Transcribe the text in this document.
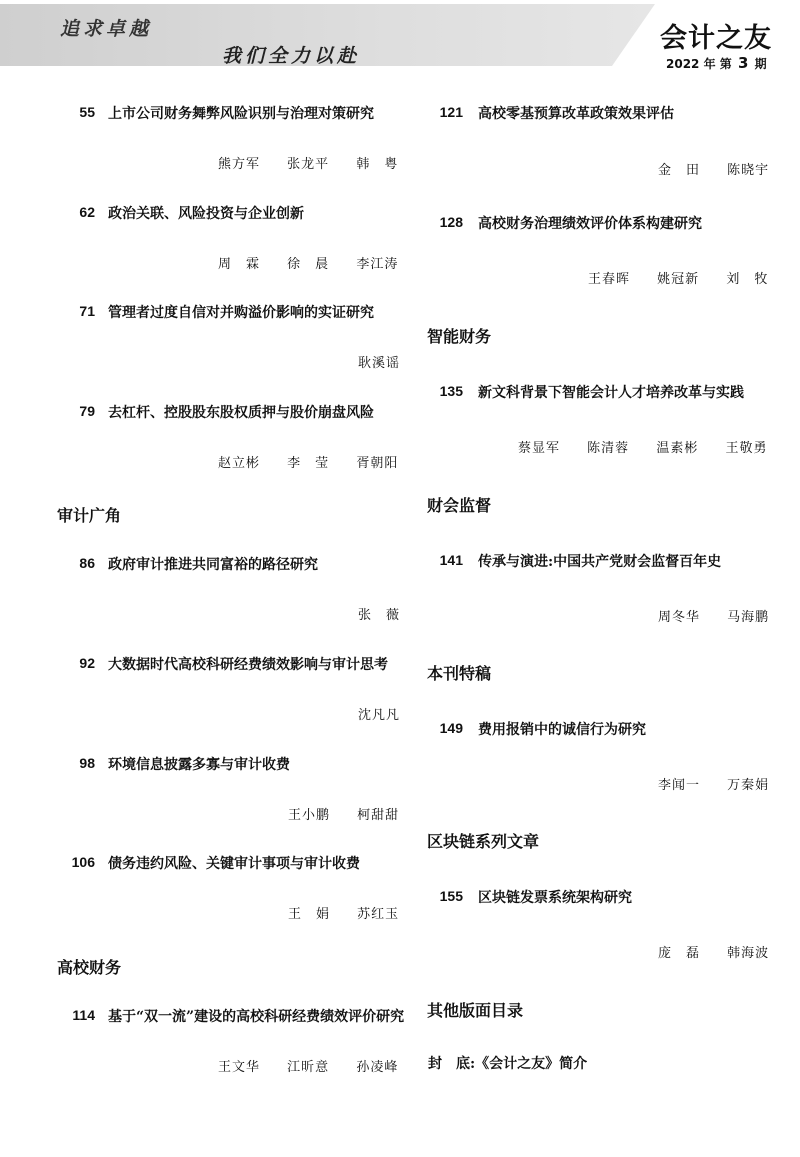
追求卓越
我们全力以赴
会计之友
2022 年 第 3 期
55 上市公司财务舞弊风险识别与治理对策研究
熊方军 张龙平 韩　粤
62 政治关联、风险投资与企业创新
周　霖 徐　晨 李江涛
71 管理者过度自信对并购溢价影响的实证研究
耿溪谣
79 去杠杆、控股股东股权质押与股价崩盘风险
赵立彬 李　莹 胥朝阳
审计广角
86 政府审计推进共同富裕的路径研究
张　薇
92 大数据时代高校科研经费绩效影响与审计思考
沈凡凡
98 环境信息披露多寡与审计收费
王小鹏 柯甜甜
106 债务违约风险、关键审计事项与审计收费
王　娟 苏红玉
高校财务
114 基于“双一流”建设的高校科研经费绩效评价研究
王文华 江昕意 孙凌峰
121 高校零基预算改革政策效果评估
金　田 陈晓宇
128 高校财务治理绩效评价体系构建研究
王春晖 姚冠新 刘　牧
智能财务
135 新文科背景下智能会计人才培养改革与实践
蔡显军 陈清蓉 温素彬 王敬勇
财会监督
141 传承与演进:中国共产党财会监督百年史
周冬华 马海鹏
本刊特稿
149 费用报销中的诚信行为研究
李闻一 万秦娟
区块链系列文章
155 区块链发票系统架构研究
庞　磊 韩海波
其他版面目录
封　底:《会计之友》简介
